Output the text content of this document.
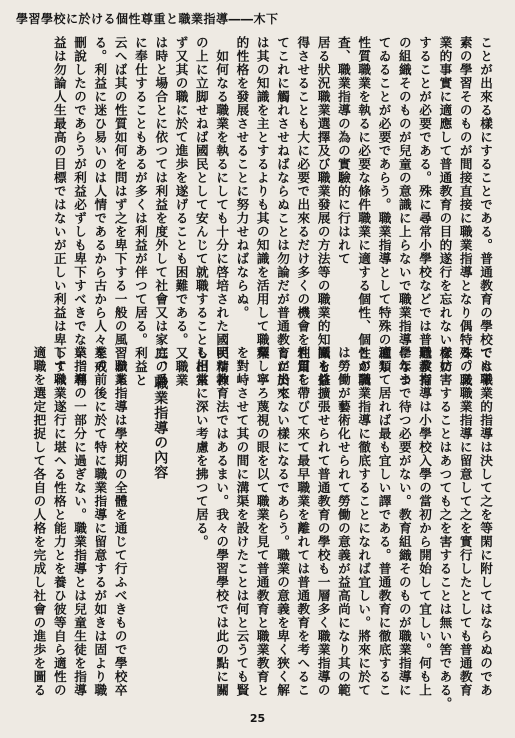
學習學校に於ける個性尊重と職業指導――木下
ことが出來る樣にすることである。普通教育の學校では平
素の學習そのものが間接直接に職業指導となり偶特殊の職
業的事實に適應して普通教育の目的遂行を忘れない樣に
することが必要である。殊に尋常小學校などでは普通教育
の組織そのものが兒童の意識に上らないで職業指導になつ
てゐることが必要であらう。職業指導として特殊の種類
性質職業を執るに必要な條件職業に適する個性、個性の調
査、職業指導の為の實驗的に行はれて
居る狀況職業選擇及び職業發展の方法等の職業的知識を修
得させることも大に必要で出來るだけ多くの機會を利用し
てこれに觸れさせねばならぬことは勿論だが普通教育に於て
は其の知識を主とするよりも其の知識を活用して職業
的性格を發展させることに努力せねばならぬ。
　如何なる職業を執るにしても十分に啓培された國民精神
の上に立脚せねば國民として安んじて就職することも出來
ず又其の職に於て進歩を遂げることも困難である。又職業
は時と場合とに依つては利益を度外して社會又は家庭の爲
に奉仕することもあるが多くは利益が伴つて居る。利益と
云へば其の性質如何を問はず之を卑下する一般の風習があ
る。利益に迷ひ易いのは人情であるから古から人々を戒
刪說したのであらうが利益必ずしも卑下すべきでない。利
益は勿論人生最高の目標ではないが正しい利益は卑下すべ
ても職業的指導は決して之を等閑に附してはならぬのであ
る。又職業指導に留意して之を實行したとしても普通教育
を妨害することはあつても之を害することは無い筈である。
職業指導は小學校入學の當初から開始して宜しい。何も上
學年まで待つ必要がない。教育組織そのものが職業指導に
適して居れば最も宜しい譯である。普通教育に徹底するこ
とが職業指導に徹底することになれば宜しい。將來に於て
は勞働が藝術化せられて勞働の意義が益高尚になり其の範
圍も益擴張せられて普通教育の學校も一層多く職業指導の
性質を帶びて來て最早職業を離れては普通教育を考へるこ
とが出來ない樣になるであらう。職業の意義を卑く狹く解
釋し寧ろ蔑視の眼を以て職業を見て普通教育と職業教育と
を對峙させて其の間に溝渠を設けたことは何と云うても賢
明な教育法ではあるまい。我々の學習學校では此の點に關
し相當に深い考慮を拂つて居る。

二、職業指導の內容

　職業指導は學校期の全體を通じて行ふべきもので學校卒
業の前後に於て特に職業指導に留意するが如きは固より職
業指導の一部分に過ぎない。職業指導とは兒童生徒を指導
して職業遂行に堪へる性格と能力とを養ひ彼等自ら適性の
適職を選定把捉して各自の人格を完成し社會の進歩を圖る
25
